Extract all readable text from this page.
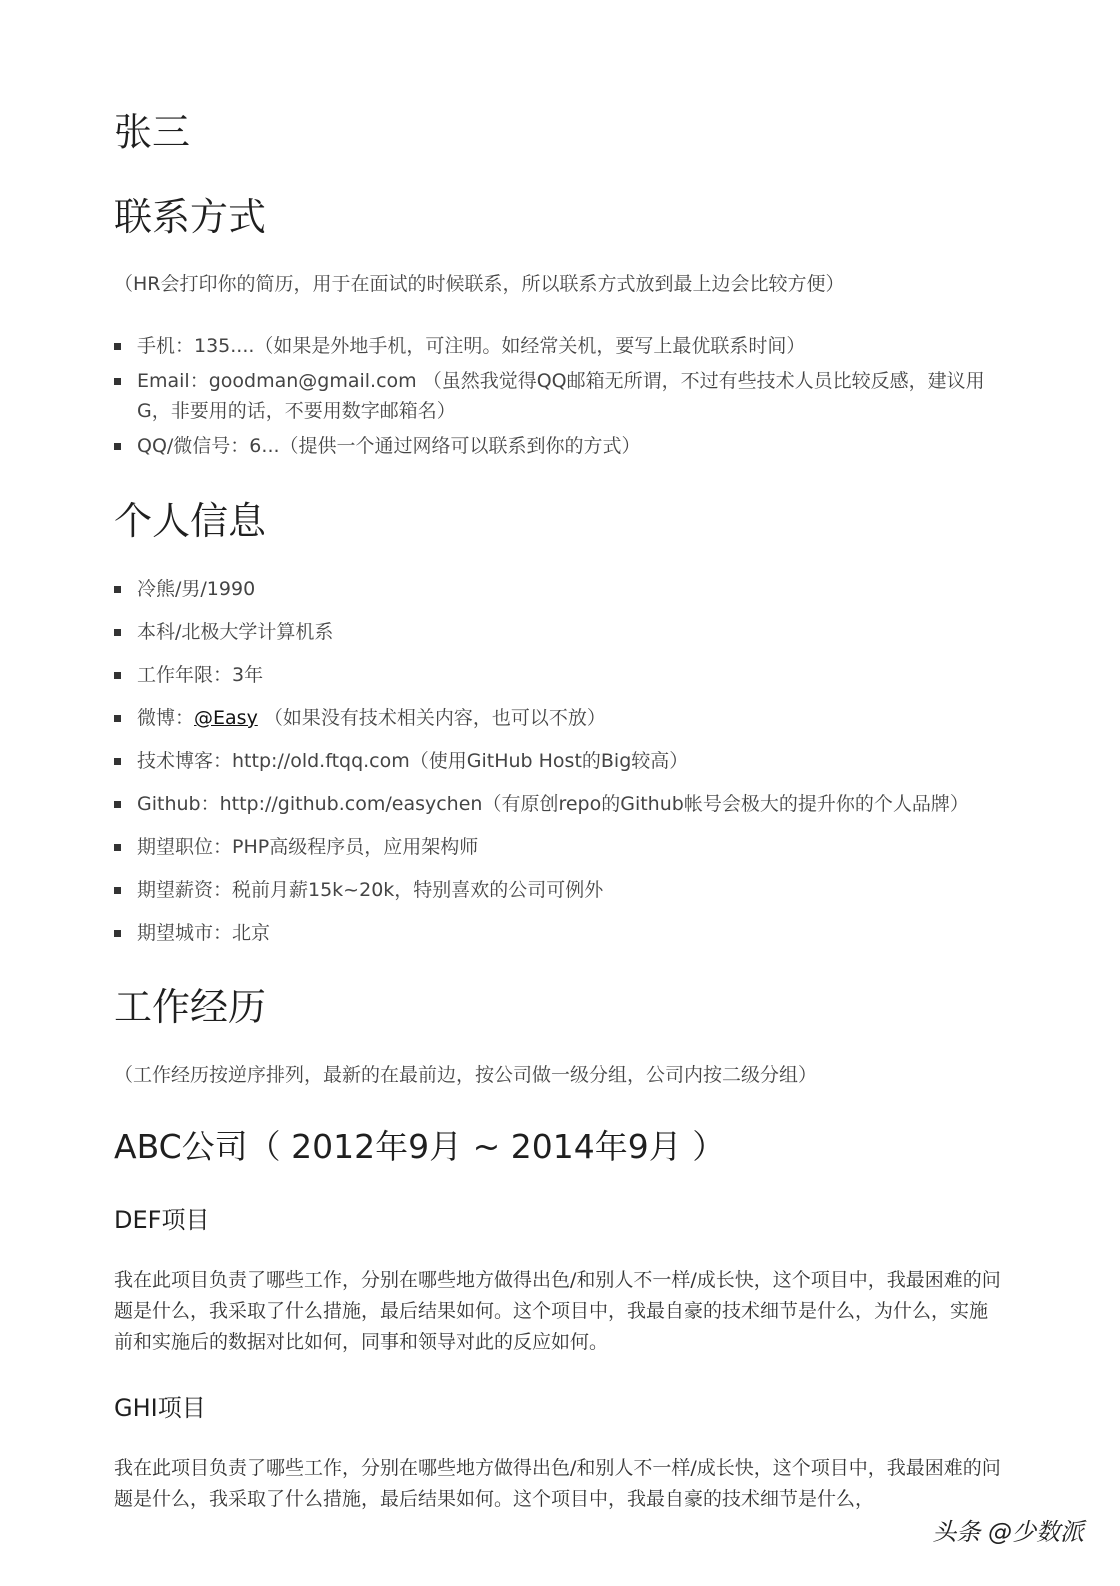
张三
联系方式

（HR会打印你的简历，用于在面试的时候联系，所以联系方式放到最上边会比较方便）

手机：135....（如果是外地手机，可注明。如经常关机，要写上最优联系时间）
Email：goodman@gmail.com （虽然我觉得QQ邮箱无所谓，不过有些技术人员比较反感，建议用G，非要用的话，不要用数字邮箱名）
QQ/微信号：6...（提供一个通过网络可以联系到你的方式）
个人信息
冷熊/男/1990
本科/北极大学计算机系
工作年限：3年
微博：@Easy （如果没有技术相关内容，也可以不放）
技术博客：http://old.ftqq.com（使用GitHub Host的Big较高）
Github：http://github.com/easychen（有原创repo的Github帐号会极大的提升你的个人品牌）
期望职位：PHP高级程序员，应用架构师
期望薪资：税前月薪15k~20k，特别喜欢的公司可例外
期望城市：北京
工作经历

（工作经历按逆序排列，最新的在最前边，按公司做一级分组，公司内按二级分组）

ABC公司（ 2012年9月 ~ 2014年9月 ）
DEF项目

我在此项目负责了哪些工作，分别在哪些地方做得出色/和别人不一样/成长快，这个项目中，我最困难的问题是什么，我采取了什么措施，最后结果如何。这个项目中，我最自豪的技术细节是什么，为什么，实施前和实施后的数据对比如何，同事和领导对此的反应如何。

GHI项目

我在此项目负责了哪些工作，分别在哪些地方做得出色/和别人不一样/成长快，这个项目中，我最困难的问题是什么，我采取了什么措施，最后结果如何。这个项目中，我最自豪的技术细节是什么，

头条 @少数派
